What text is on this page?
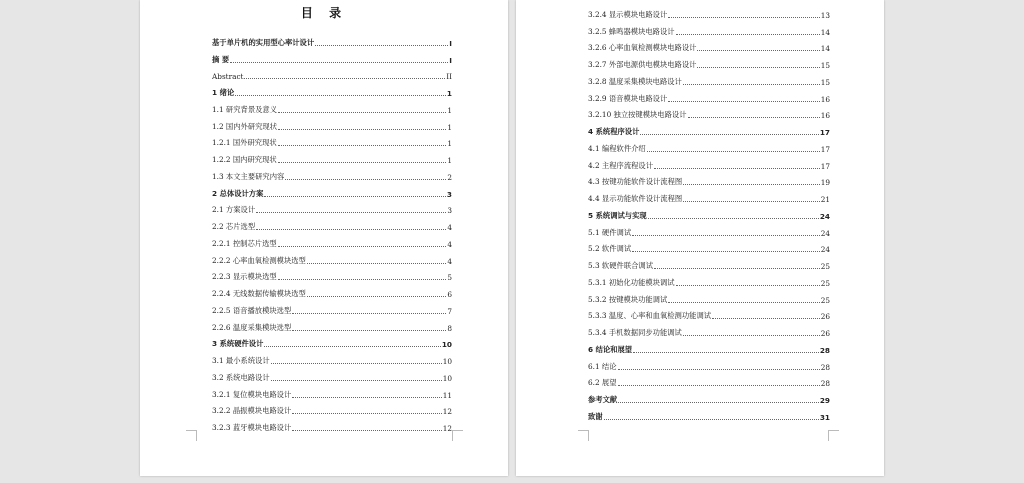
目 录
基于单片机的实用型心率计设计	I
摘 要	I
Abstract	II
1 绪论	1
1.1 研究背景及意义	1
1.2 国内外研究现状	1
1.2.1 国外研究现状	1
1.2.2 国内研究现状	1
1.3 本文主要研究内容	2
2 总体设计方案	3
2.1 方案设计	3
2.2 芯片选型	4
2.2.1 控制芯片选型	4
2.2.2 心率血氧检测模块选型	4
2.2.3 显示模块选型	5
2.2.4 无线数据传输模块选型	6
2.2.5 语音播放模块选型	7
2.2.6 温度采集模块选型	8
3 系统硬件设计	10
3.1 最小系统设计	10
3.2 系统电路设计	10
3.2.1 复位模块电路设计	11
3.2.2 晶振模块电路设计	12
3.2.3 蓝牙模块电路设计	12
3.2.4 显示模块电路设计	13
3.2.5 蜂鸣器模块电路设计	14
3.2.6 心率血氧检测模块电路设计	14
3.2.7 外部电源供电模块电路设计	15
3.2.8 温度采集模块电路设计	15
3.2.9 语音模块电路设计	16
3.2.10 独立按键模块电路设计	16
4 系统程序设计	17
4.1 编程软件介绍	17
4.2 主程序流程设计	17
4.3 按键功能软件设计流程图	19
4.4 显示功能软件设计流程图	21
5 系统调试与实现	24
5.1 硬件调试	24
5.2 软件调试	24
5.3 软硬件联合调试	25
5.3.1 初始化功能模块调试	25
5.3.2 按键模块功能调试	25
5.3.3 温度、心率和血氧检测功能调试	26
5.3.4 手机数据同步功能调试	26
6 结论和展望	28
6.1 结论	28
6.2 展望	28
参考文献	29
致谢	31
